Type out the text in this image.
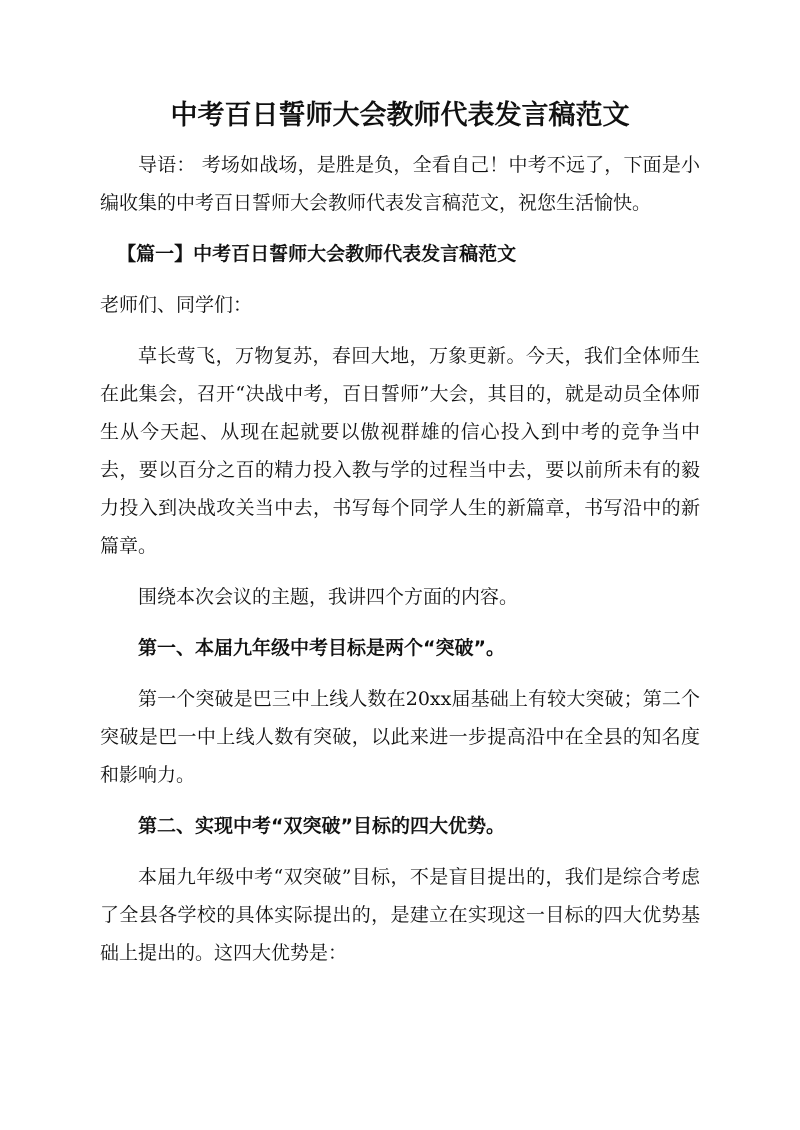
中考百日誓师大会教师代表发言稿范文

导语： 考场如战场，是胜是负，全看自己！中考不远了，下面是小编收集的中考百日誓师大会教师代表发言稿范文，祝您生活愉快。

【篇一】中考百日誓师大会教师代表发言稿范文

老师们、同学们：

草长莺飞，万物复苏，春回大地，万象更新。今天，我们全体师生在此集会，召开“决战中考，百日誓师”大会，其目的，就是动员全体师生从今天起、从现在起就要以傲视群雄的信心投入到中考的竞争当中去，要以百分之百的精力投入教与学的过程当中去，要以前所未有的毅力投入到决战攻关当中去，书写每个同学人生的新篇章，书写沿中的新篇章。

围绕本次会议的主题，我讲四个方面的内容。

第一、本届九年级中考目标是两个“突破”。

第一个突破是巴三中上线人数在20xx届基础上有较大突破；第二个突破是巴一中上线人数有突破，以此来进一步提高沿中在全县的知名度和影响力。

第二、实现中考“双突破”目标的四大优势。

本届九年级中考“双突破”目标，不是盲目提出的，我们是综合考虑了全县各学校的具体实际提出的，是建立在实现这一目标的四大优势基础上提出的。这四大优势是：
